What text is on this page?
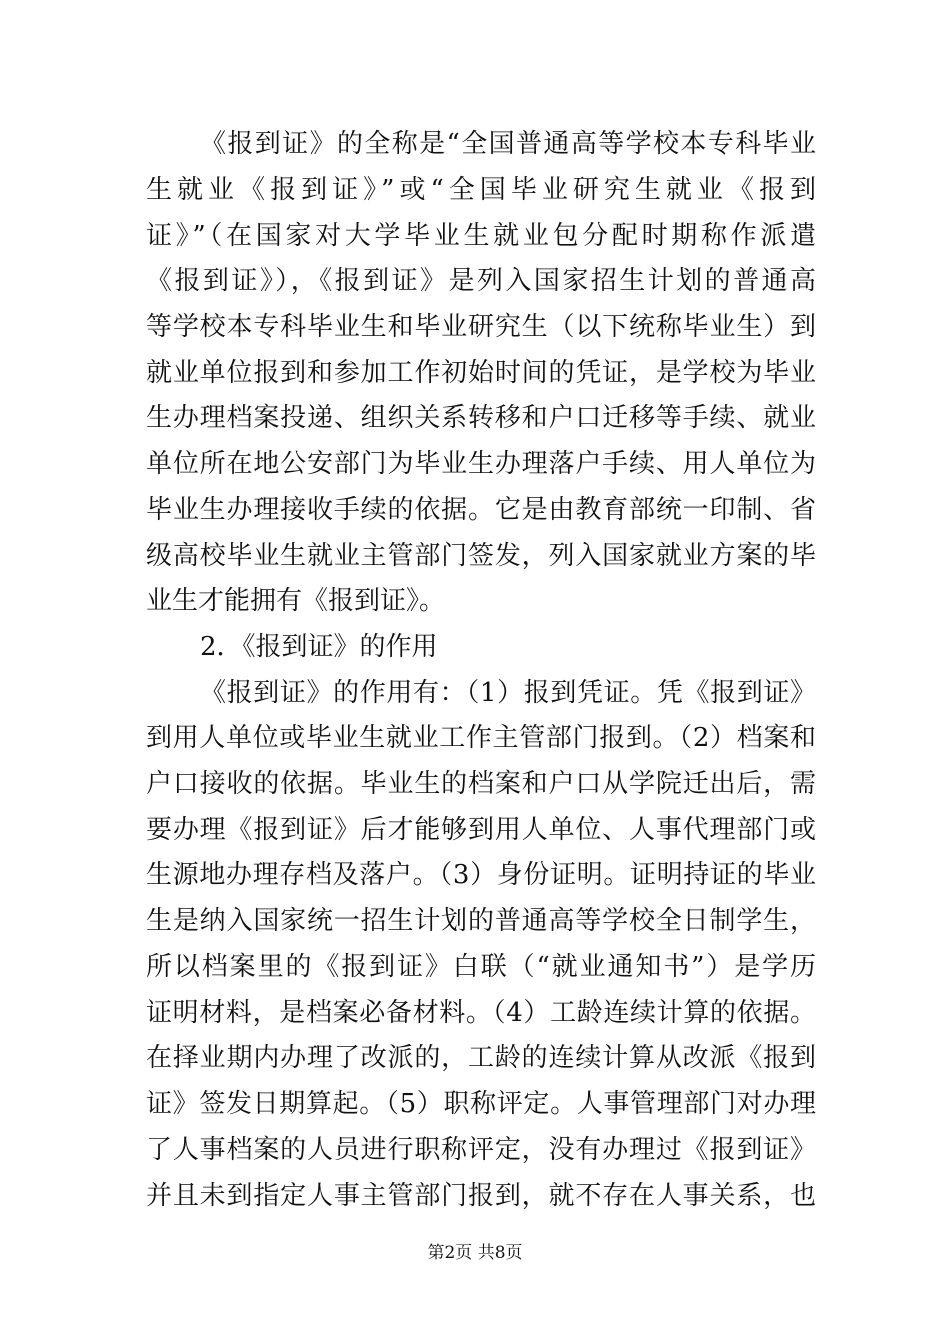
《报到证》的全称是“全国普通高等学校本专科毕业
生就业《报到证》”或“全国毕业研究生就业《报到
证》”（在国家对大学毕业生就业包分配时期称作派遣
《报到证》），《报到证》是列入国家招生计划的普通高
等学校本专科毕业生和毕业研究生（以下统称毕业生）到
就业单位报到和参加工作初始时间的凭证，是学校为毕业
生办理档案投递、组织关系转移和户口迁移等手续、就业
单位所在地公安部门为毕业生办理落户手续、用人单位为
毕业生办理接收手续的依据。它是由教育部统一印制、省
级高校毕业生就业主管部门签发，列入国家就业方案的毕
业生才能拥有《报到证》。
2．《报到证》的作用
《报到证》的作用有：（1）报到凭证。凭《报到证》
到用人单位或毕业生就业工作主管部门报到。（2）档案和
户口接收的依据。毕业生的档案和户口从学院迁出后，需
要办理《报到证》后才能够到用人单位、人事代理部门或
生源地办理存档及落户。（3）身份证明。证明持证的毕业
生是纳入国家统一招生计划的普通高等学校全日制学生，
所以档案里的《报到证》白联（“就业通知书”）是学历
证明材料，是档案必备材料。（4）工龄连续计算的依据。
在择业期内办理了改派的，工龄的连续计算从改派《报到
证》签发日期算起。（5）职称评定。人事管理部门对办理
了人事档案的人员进行职称评定，没有办理过《报到证》
并且未到指定人事主管部门报到，就不存在人事关系，也
第2页 共8页
